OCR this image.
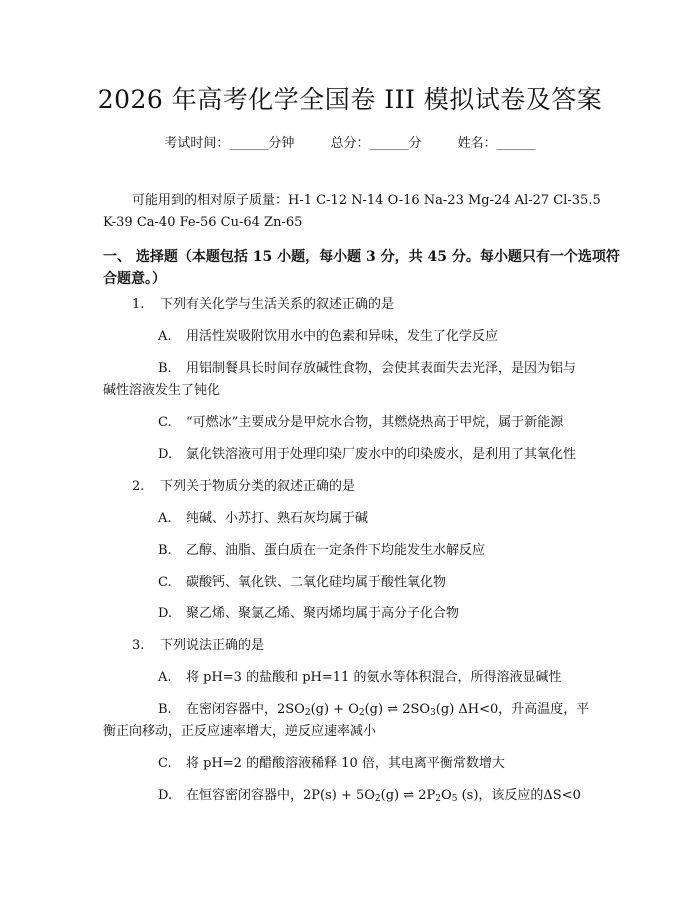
2026 年高考化学全国卷 III 模拟试卷及答案
考试时间：______分钟	总分：______分	姓名：______
可能用到的相对原子质量：H-1 C-12 N-14 O-16 Na-23 Mg-24 Al-27 Cl-35.5
K-39 Ca-40 Fe-56 Cu-64 Zn-65
一、 选择题（本题包括 15 小题，每小题 3 分，共 45 分。每小题只有一个选项符
合题意。）
1. 下列有关化学与生活关系的叙述正确的是
A. 用活性炭吸附饮用水中的色素和异味，发生了化学反应
B. 用铝制餐具长时间存放碱性食物，会使其表面失去光泽，是因为铝与
碱性溶液发生了钝化
C. “可燃冰”主要成分是甲烷水合物，其燃烧热高于甲烷，属于新能源
D. 氯化铁溶液可用于处理印染厂废水中的印染废水，是利用了其氧化性
2. 下列关于物质分类的叙述正确的是
A. 纯碱、小苏打、熟石灰均属于碱
B. 乙醇、油脂、蛋白质在一定条件下均能发生水解反应
C. 碳酸钙、氧化铁、二氧化硅均属于酸性氧化物
D. 聚乙烯、聚氯乙烯、聚丙烯均属于高分子化合物
3. 下列说法正确的是
A. 将 pH=3 的盐酸和 pH=11 的氨水等体积混合，所得溶液显碱性
B. 在密闭容器中，$2SO_2(g) + O_2(g)$ ⇌ $2SO_3(g)$ ΔH<0，升高温度，平
衡正向移动，正反应速率增大，逆反应速率减小
C. 将 pH=2 的醋酸溶液稀释 10 倍，其电离平衡常数增大
D. 在恒容密闭容器中，$2P(s) + 5O_2(g)$ ⇌ $2P_2O_5$ (s)，该反应的ΔS<0
